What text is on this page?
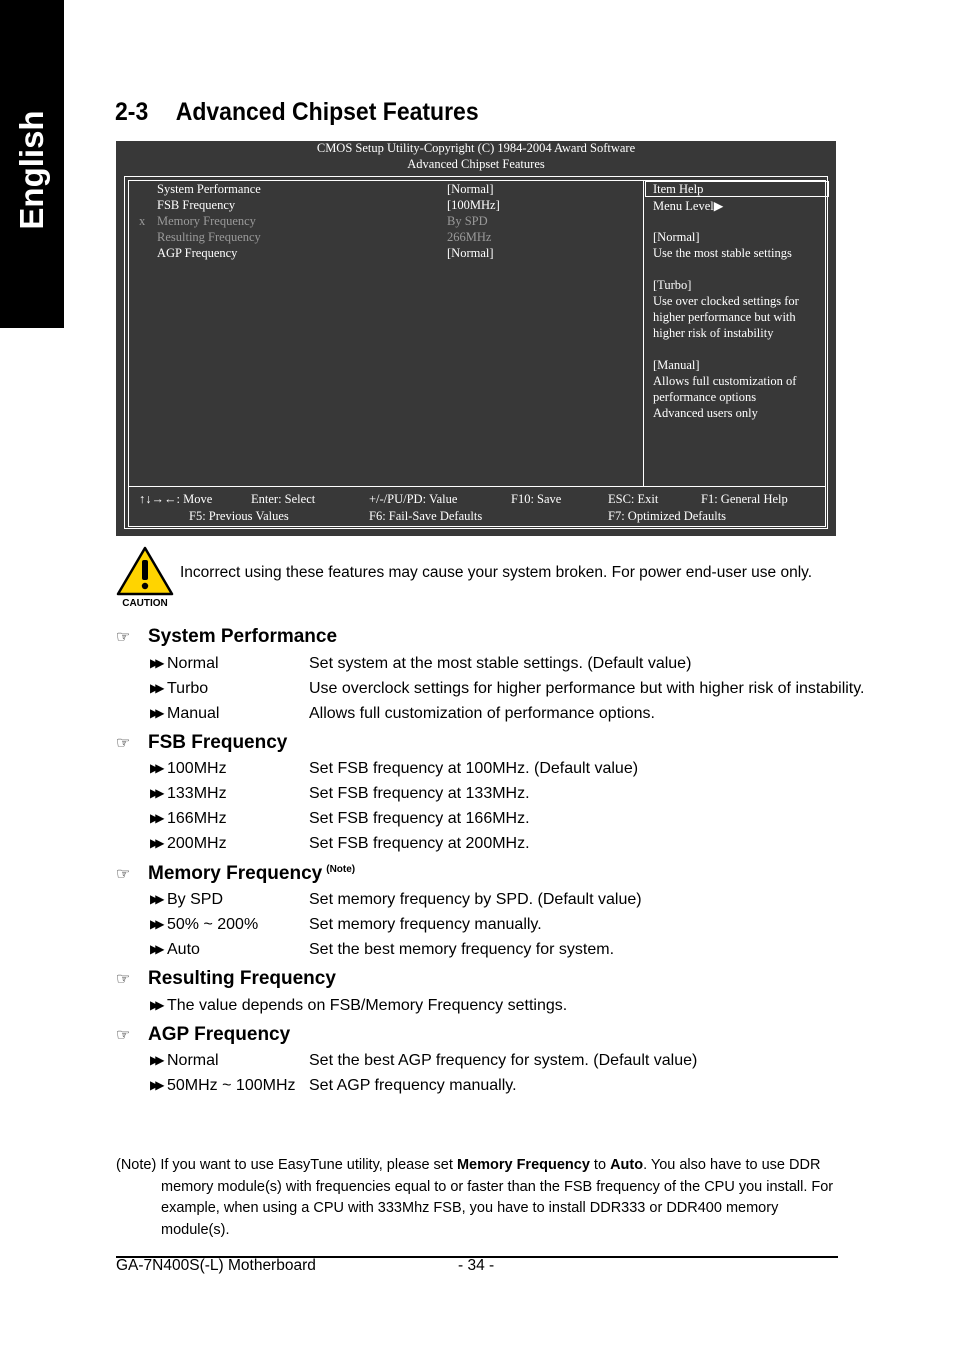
English	2-3 Advanced Chipset Features
CMOS Setup Utility-Copyright (C) 1984-2004 Award Software
Advanced Chipset Features
System Performance	[Normal]
FSB Frequency	[100MHz]
x Memory Frequency	By SPD
Resulting Frequency	266MHz
AGP Frequency	[Normal]
Item Help
Menu Level▶
[Normal]
Use the most stable settings
[Turbo]
Use over clocked settings for
higher performance but with
higher risk of instability
[Manual]
Allows full customization of
performance options
Advanced users only
↑↓→←: Move	Enter: Select	+/-/PU/PD: Value	F10: Save	ESC: Exit	F1: General Help
F5: Previous Values	F6: Fail-Save Defaults	F7: Optimized Defaults
CAUTION
Incorrect using these features may cause your system broken. For power end-user use only.
☞ System Performance
▶▶ Normal	Set system at the most stable settings. (Default value)
▶▶ Turbo	Use overclock settings for higher performance but with higher risk of instability.
▶▶ Manual	Allows full customization of performance options.
☞ FSB Frequency
▶▶ 100MHz	Set FSB frequency at 100MHz. (Default value)
▶▶ 133MHz	Set FSB frequency at 133MHz.
▶▶ 166MHz	Set FSB frequency at 166MHz.
▶▶ 200MHz	Set FSB frequency at 200MHz.
☞ Memory Frequency $^{(Note)}$
▶▶ By SPD	Set memory frequency by SPD. (Default value)
▶▶ 50% ~ 200%	Set memory frequency manually.
▶▶ Auto	Set the best memory frequency for system.
☞ Resulting Frequency
▶▶ The value depends on FSB/Memory Frequency settings.
☞ AGP Frequency
▶▶ Normal	Set the best AGP frequency for system. (Default value)
▶▶ 50MHz ~ 100MHz Set AGP frequency manually.
(Note) If you want to use EasyTune utility, please set Memory Frequency to Auto. You also have to use DDR
memory module(s) with frequencies equal to or faster than the FSB frequency of the CPU you install. For
example, when using a CPU with 333Mhz FSB, you have to install DDR333 or DDR400 memory module(s).
GA-7N400S(-L) Motherboard	- 34 -
